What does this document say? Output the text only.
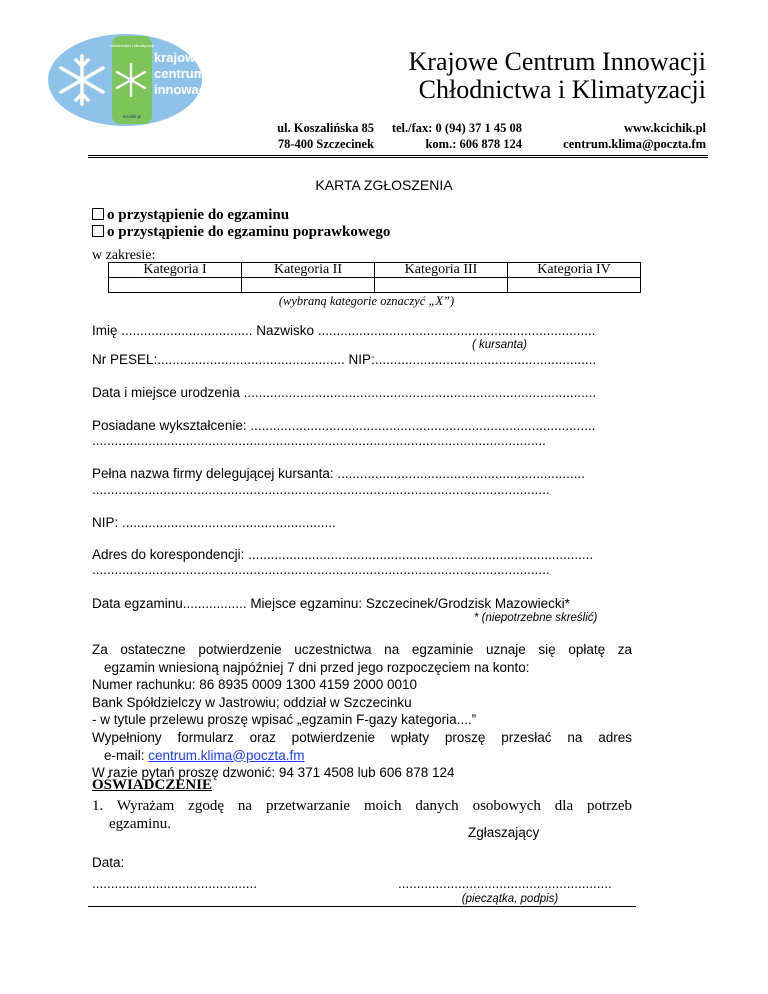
chłodnictwa i klimatyzacji
kcichik.pl
krajowe
centrum
innowacji
Krajowe Centrum Innowacji
Chłodnictwa i Klimatyzacji
ul. Koszalińska 85
78-400 Szczecinek
tel./fax: 0 (94) 37 1 45 08
kom.: 606 878 124
www.kcichik.pl
centrum.klima@poczta.fm
KARTA ZGŁOSZENIA
o przystąpienie do egzaminu
o przystąpienie do egzaminu poprawkowego
w zakresie:
Kategoria I	Kategoria II	Kategoria III	Kategoria IV

(wybraną kategorie oznaczyć „X”)
Imię ................................... Nazwisko ..........................................................................
( kursanta)
Nr PESEL:.................................................. NIP:...........................................................
Data i miejsce urodzenia ..............................................................................................
Posiadane wykształcenie: ............................................................................................
.........................................................................................................................
Pełna nazwa firmy delegującej kursanta: ..................................................................
..........................................................................................................................
NIP: .........................................................
Adres do korespondencji: ............................................................................................
..........................................................................................................................
Data egzaminu................. Miejsce egzaminu: Szczecinek/Grodzisk Mazowiecki*
* (niepotrzebne skreślić)

Za ostateczne potwierdzenie uczestnictwa na egzaminie uznaje się opłatę za

egzamin wniesioną najpóźniej 7 dni przed jego rozpoczęciem na konto:

Numer rachunku: 86 8935 0009 1300 4159 2000 0010

Bank Spółdzielczy w Jastrowiu; oddział w Szczecinku

- w tytule przelewu proszę wpisać „egzamin F-gazy kategoria....”

Wypełniony formularz oraz potwierdzenie wpłaty proszę przesłać na adres

e-mail: centrum.klima@poczta.fm

W razie pytań proszę dzwonić: 94 371 4508 lub 606 878 124

OŚWIADCZENIE
1. Wyrażam zgodę na przetwarzanie moich danych osobowych dla potrzeb
egzaminu.
Zgłaszający
Data:
............................................	.........................................................
(pieczątka, podpis)
